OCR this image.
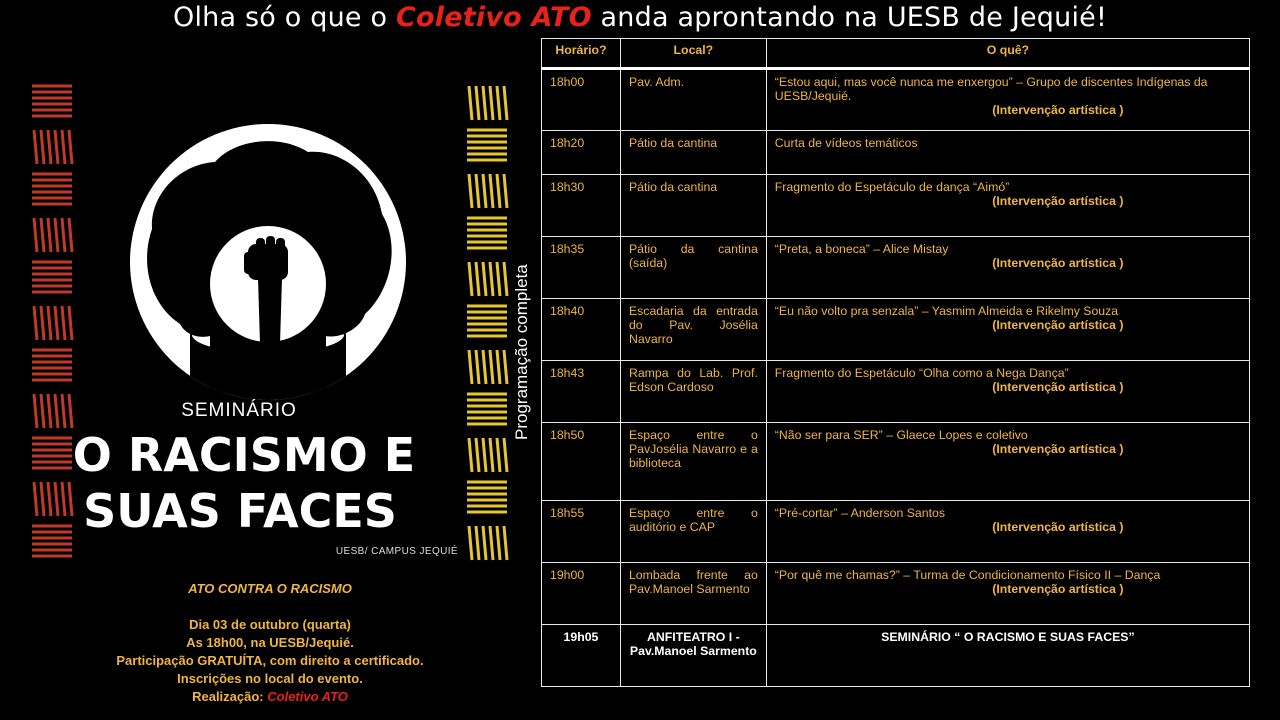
Olha só o que o Coletivo ATO anda aprontando na UESB de Jequié!
SEMINÁRIO
O RACISMO E
SUAS FACES
UESB/ CAMPUS JEQUIÉ
ATO CONTRA O RACISMO
Dia 03 de outubro (quarta)
As 18h00, na UESB/Jequié.
Participação GRATUÍTA, com direito a certificado.
Inscrições no local do evento.
Realização: Coletivo ATO
Programação completa
Horário?	Local?	O quê?
18h00	Pav. Adm.	“Estou aqui, mas você nunca me enxergou” – Grupo de discentes Indígenas da UESB/Jequié.
(Intervenção artística )

18h20	Pátio da cantina	Curta de vídeos temáticos
18h30	Pátio da cantina	Fragmento do Espetáculo de dança “Aimó”
(Intervenção artística )

18h35	Pátio da cantina (saída)	“Preta, a boneca” – Alice Mistay
(Intervenção artística )

18h40	Escadaria da entrada do Pav. Josélia Navarro	“Eu não volto pra senzala” – Yasmim Almeida e Rikelmy Souza
(Intervenção artística )

18h43	Rampa do Lab. Prof. Edson Cardoso	Fragmento do Espetáculo “Olha como a Nega Dança”
(Intervenção artística )

18h50	Espaço entre o PavJosélia Navarro e a biblioteca	“Não ser para SER” – Glaece Lopes e coletivo
(Intervenção artística )

18h55	Espaço entre o auditório e CAP	“Pré-cortar” – Anderson Santos
(Intervenção artística )

19h00	Lombada frente ao Pav.Manoel Sarmento	“Por quê me chamas?” – Turma de Condicionamento Físico II – Dança
(Intervenção artística )

19h05	ANFITEATRO I - Pav.Manoel Sarmento	SEMINÁRIO “ O RACISMO E SUAS FACES”
